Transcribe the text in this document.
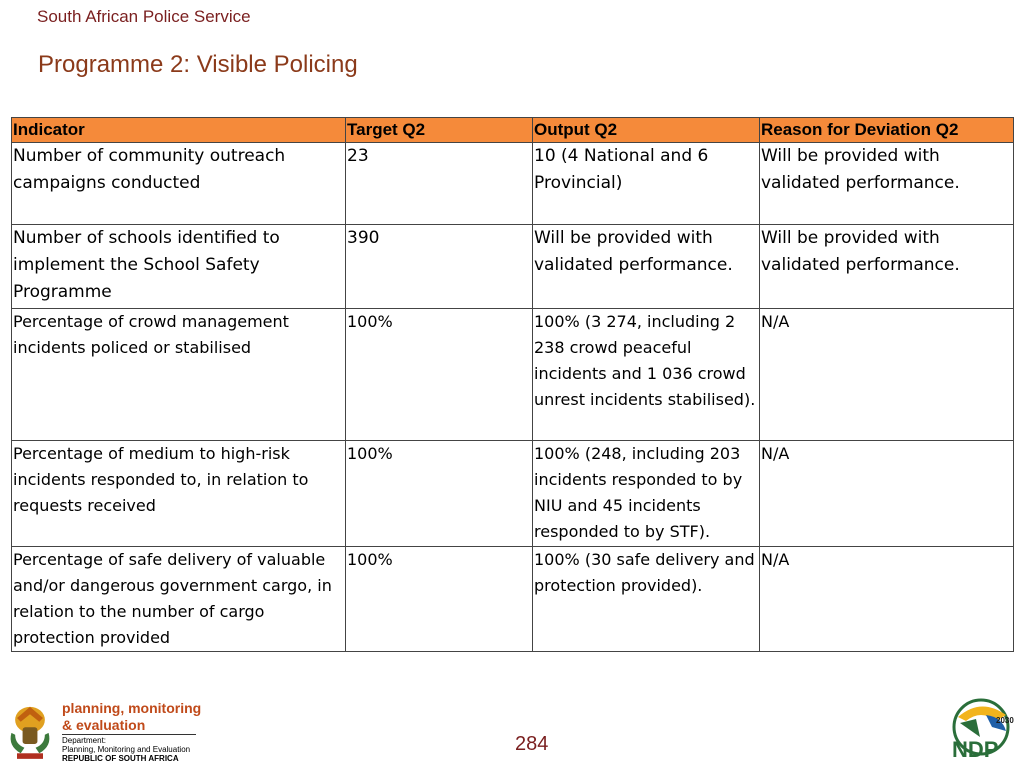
South African Police Service
Programme 2: Visible Policing
Indicator	Target Q2	Output Q2	Reason for Deviation Q2
Number of community outreach campaigns conducted	23	10 (4 National and 6 Provincial)	Will be provided with validated performance.
Number of schools identified to implement the School Safety Programme	390	Will be provided with validated performance.	Will be provided with validated performance.
Percentage of crowd management incidents policed or stabilised	100%	100% (3 274, including 2 238 crowd peaceful incidents and 1 036 crowd unrest incidents stabilised).	N/A
Percentage of medium to high-risk incidents responded to, in relation to requests received	100%	100% (248, including 203 incidents responded to by NIU and 45 incidents responded to by STF).	N/A
Percentage of safe delivery of valuable and/or dangerous government cargo, in relation to the number of cargo protection provided	100%	100% (30 safe delivery and protection provided).	N/A
planning, monitoring
& evaluation
Department:
Planning, Monitoring and Evaluation
REPUBLIC OF SOUTH AFRICA
284
2030
NDP
